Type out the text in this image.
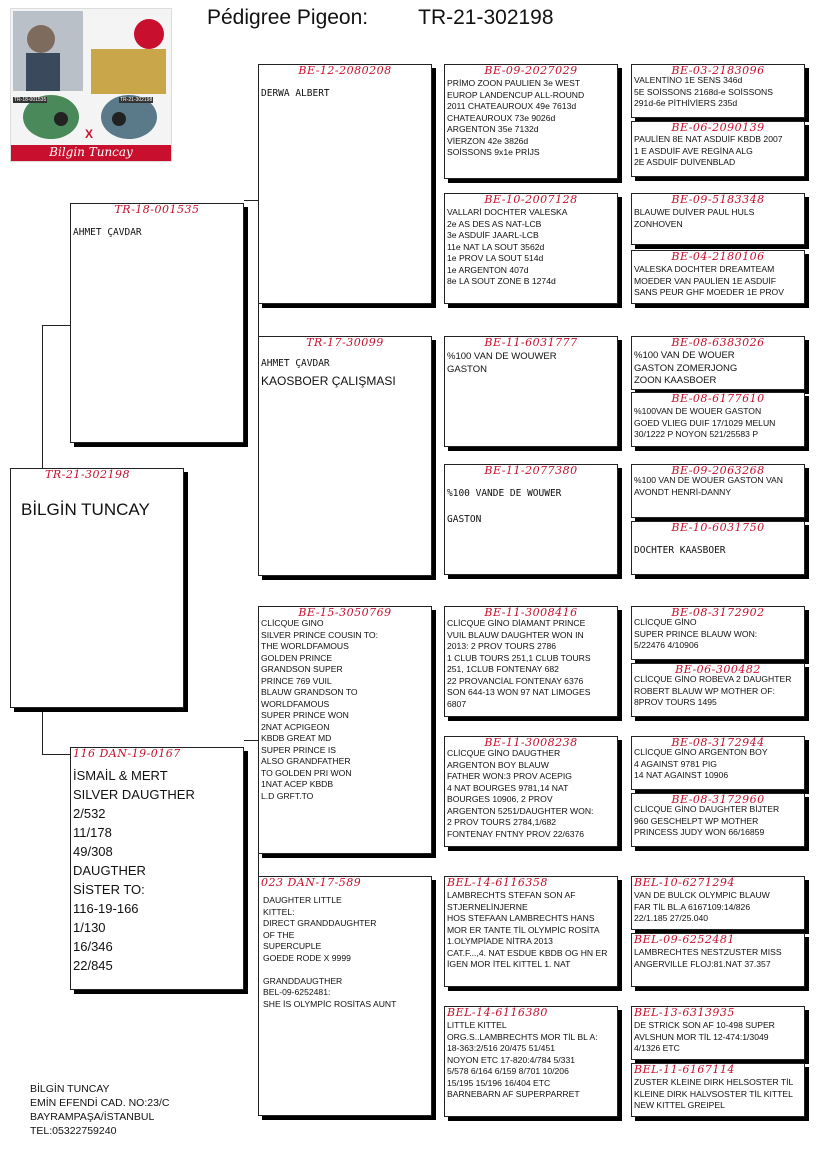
Pédigree Pigeon: TR-21-302198
TR-18-001535	TR-21-302198
X
Bilgin Tuncay
TR-21-302198
BİLGİN TUNCAY
TR-18-001535
AHMET ÇAVDAR
116 DAN-19-0167
İSMAİL & MERT
SILVER DAUGTHER
2/532
11/178
49/308
DAUGTHER
SİSTER TO:
116-19-166
1/130
16/346
22/845
BE-12-2080208
DERWA ALBERT
TR-17-30099
AHMET ÇAVDAR
KAOSBOER ÇALIŞMASI
BE-15-3050769
CLİCQUE GINO
SILVER PRINCE COUSIN TO:
THE WORLDFAMOUS
GOLDEN PRINCE
GRANDSON SUPER
PRINCE 769 VUIL
BLAUW GRANDSON TO
WORLDFAMOUS
SUPER PRINCE WON
2NAT ACPIGEON
KBDB GREAT MD
SUPER PRINCE IS
ALSO GRANDFATHER
TO GOLDEN PRI WON
1NAT ACEP KBDB
L.D GRFT.TO
023 DAN-17-589
DAUGHTER LITTLE
KITTEL:
DIRECT GRANDDAUGHTER
OF THE
SUPERCUPLE
GOEDE RODE X 9999

GRANDDAUGTHER
BEL-09-6252481:
SHE İS OLYMPİC ROSİTAS AUNT
BE-09-2027029
PRİMO ZOON PAULIEN 3e WEST
EUROP LANDENCUP ALL-ROUND
2011 CHATEAUROUX 49e 7613d
CHATEAUROUX 73e 9026d
ARGENTON 35e 7132d
VİERZON 42e 3826d
SOİSSONS 9x1e PRİJS
BE-10-2007128
VALLARİ DOCHTER VALESKA
2e AS DES AS NAT-LCB
3e ASDUİF JAARL-LCB
11e NAT LA SOUT 3562d
1e PROV LA SOUT 514d
1e ARGENTON 407d
8e LA SOUT ZONE B 1274d
BE-11-6031777
%100 VAN DE WOUWER
GASTON
BE-11-2077380
%100 VANDE DE WOUWER

GASTON
BE-11-3008416
CLİCQUE GİNO DİAMANT PRINCE
VUIL BLAUW DAUGHTER WON IN
2013: 2 PROV TOURS 2786
1 CLUB TOURS 251,1 CLUB TOURS
251, 1CLUB FONTENAY 682
22 PROVANCİAL FONTENAY 6376
SON 644-13 WON 97 NAT LIMOGES
6807
BE-11-3008238
CLİCQUE GİNO DAUGTHER
ARGENTON BOY BLAUW
FATHER WON:3 PROV ACEPIG
4 NAT BOURGES 9781,14 NAT
BOURGES 10906, 2 PROV
ARGENTON 5251/DAUGHTER WON:
2 PROV TOURS 2784,1/682
FONTENAY FNTNY PROV 22/6376
BEL-14-6116358
LAMBRECHTS STEFAN SON AF
STJERNELİNJERNE
HOS STEFAAN LAMBRECHTS HANS
MOR ER TANTE TİL OLYMPİC ROSİTA
1.OLYMPİADE NİTRA 2013
CAT.F...,4. NAT ESDUE KBDB OG HN ER
İGEN MOR İTEL KITTEL 1. NAT
BEL-14-6116380
LITTLE KITTEL
ORG.S..LAMBRECHTS MOR TİL BL A:
18-363:2/516 20/475 51/451
NOYON ETC 17-820:4/784 5/331
5/578 6/164 6/159 8/701 10/206
15/195 15/196 16/404 ETC
BARNEBARN AF SUPERPARRET
BE-03-2183096
VALENTİNO 1E SENS 346d
5E SOİSSONS 2168d-e SOİSSONS
291d-6e PİTHİVİERS 235d
BE-06-2090139
PAULİEN 8E NAT ASDUİF KBDB 2007
1 E ASDUİF AVE REGİNA ALG
2E ASDUİF DUİVENBLAD
BE-09-5183348
BLAUWE DUİVER PAUL HULS
ZONHOVEN
BE-04-2180106
VALESKA DOCHTER DREAMTEAM
MOEDER VAN PAULİEN 1E ASDUİF
SANS PEUR GHF MOEDER 1E PROV
BE-08-6383026
%100 VAN DE WOUER
GASTON ZOMERJONG
ZOON KAASBOER
BE-08-6177610
%100VAN DE WOUER GASTON
GOED VLIEG DUIF 17/1029 MELUN
30/1222 P NOYON 521/25583 P
BE-09-2063268
%100 VAN DE WOUER GASTON VAN
AVONDT HENRİ-DANNY
BE-10-6031750
DOCHTER KAASBOER
BE-08-3172902
CLİCQUE GİNO
SUPER PRINCE BLAUW WON:
5/22476 4/10906
BE-06-300482
CLİCQUE GİNO ROBEVA 2 DAUGHTER
ROBERT BLAUW WP MOTHER OF:
8PROV TOURS 1495
BE-08-3172944
CLİCQUE GİNO ARGENTON BOY
4 AGAINST 9781 PIG
14 NAT AGAINST 10906
BE-08-3172960
CLİCQUE GİNO DAUGHTER BİJTER
960 GESCHELPT WP MOTHER
PRINCESS JUDY WON 66/16859
BEL-10-6271294
VAN DE BULCK OLYMPIC BLAUW
FAR TİL BL.A 6167109:14/826
22/1.185 27/25.040
BEL-09-6252481
LAMBRECHTES NESTZUSTER MISS
ANGERVILLE FLOJ:81.NAT 37.357
BEL-13-6313935
DE STRICK SON AF 10-498 SUPER
AVLSHUN MOR TİL 12-474:1/3049
4/1326 ETC
BEL-11-6167114
ZUSTER KLEINE DIRK HELSOSTER TİL
KLEINE DIRK HALVSOSTER TİL KITTEL
NEW KITTEL GREIPEL
BİLGİN TUNCAY
EMİN EFENDİ CAD. NO:23/C
BAYRAMPAŞA/İSTANBUL
TEL:05322759240
